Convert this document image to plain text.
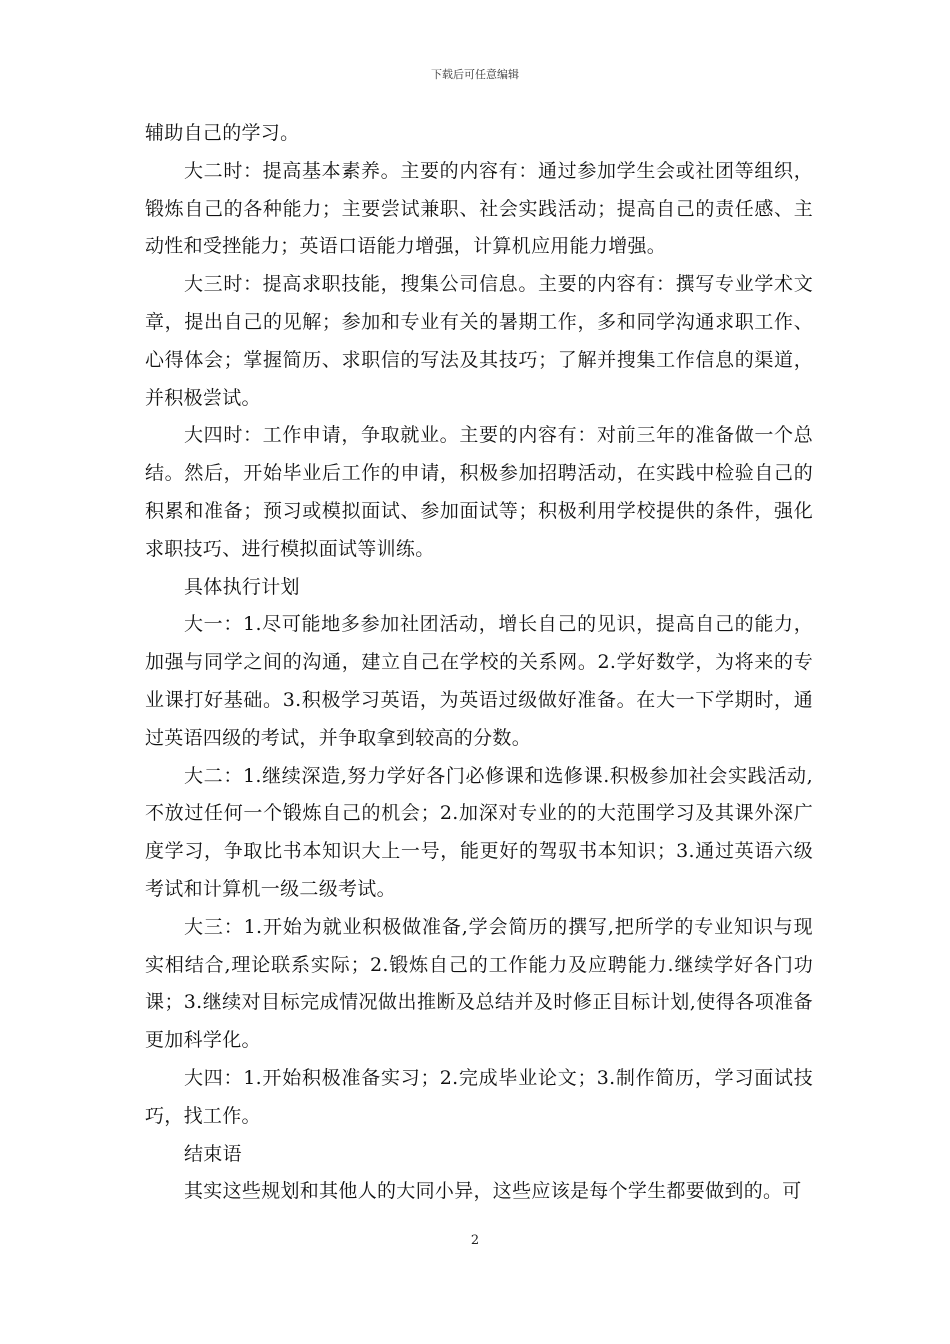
下载后可任意编辑

辅助自己的学习。

大二时：提高基本素养。主要的内容有：通过参加学生会或社团等组织，锻炼自己的各种能力；主要尝试兼职、社会实践活动；提高自己的责任感、主动性和受挫能力；英语口语能力增强，计算机应用能力增强。

大三时：提高求职技能，搜集公司信息。主要的内容有：撰写专业学术文章，提出自己的见解；参加和专业有关的暑期工作，多和同学沟通求职工作、心得体会；掌握简历、求职信的写法及其技巧；了解并搜集工作信息的渠道，并积极尝试。

大四时：工作申请，争取就业。主要的内容有：对前三年的准备做一个总结。然后，开始毕业后工作的申请，积极参加招聘活动，在实践中检验自己的积累和准备；预习或模拟面试、参加面试等；积极利用学校提供的条件，强化求职技巧、进行模拟面试等训练。

具体执行计划

大一：1.尽可能地多参加社团活动，增长自己的见识，提高自己的能力，加强与同学之间的沟通，建立自己在学校的关系网。2.学好数学，为将来的专业课打好基础。3.积极学习英语，为英语过级做好准备。在大一下学期时，通过英语四级的考试，并争取拿到较高的分数。

大二：1.继续深造,努力学好各门必修课和选修课.积极参加社会实践活动,不放过任何一个锻炼自己的机会；2.加深对专业的的大范围学习及其课外深广度学习，争取比书本知识大上一号，能更好的驾驭书本知识；3.通过英语六级考试和计算机一级二级考试。

大三：1.开始为就业积极做准备,学会简历的撰写,把所学的专业知识与现实相结合,理论联系实际；2.锻炼自己的工作能力及应聘能力.继续学好各门功课；3.继续对目标完成情况做出推断及总结并及时修正目标计划,使得各项准备更加科学化。

大四：1.开始积极准备实习；2.完成毕业论文；3.制作简历，学习面试技巧，找工作。

结束语

其实这些规划和其他人的大同小异，这些应该是每个学生都要做到的。可

2
